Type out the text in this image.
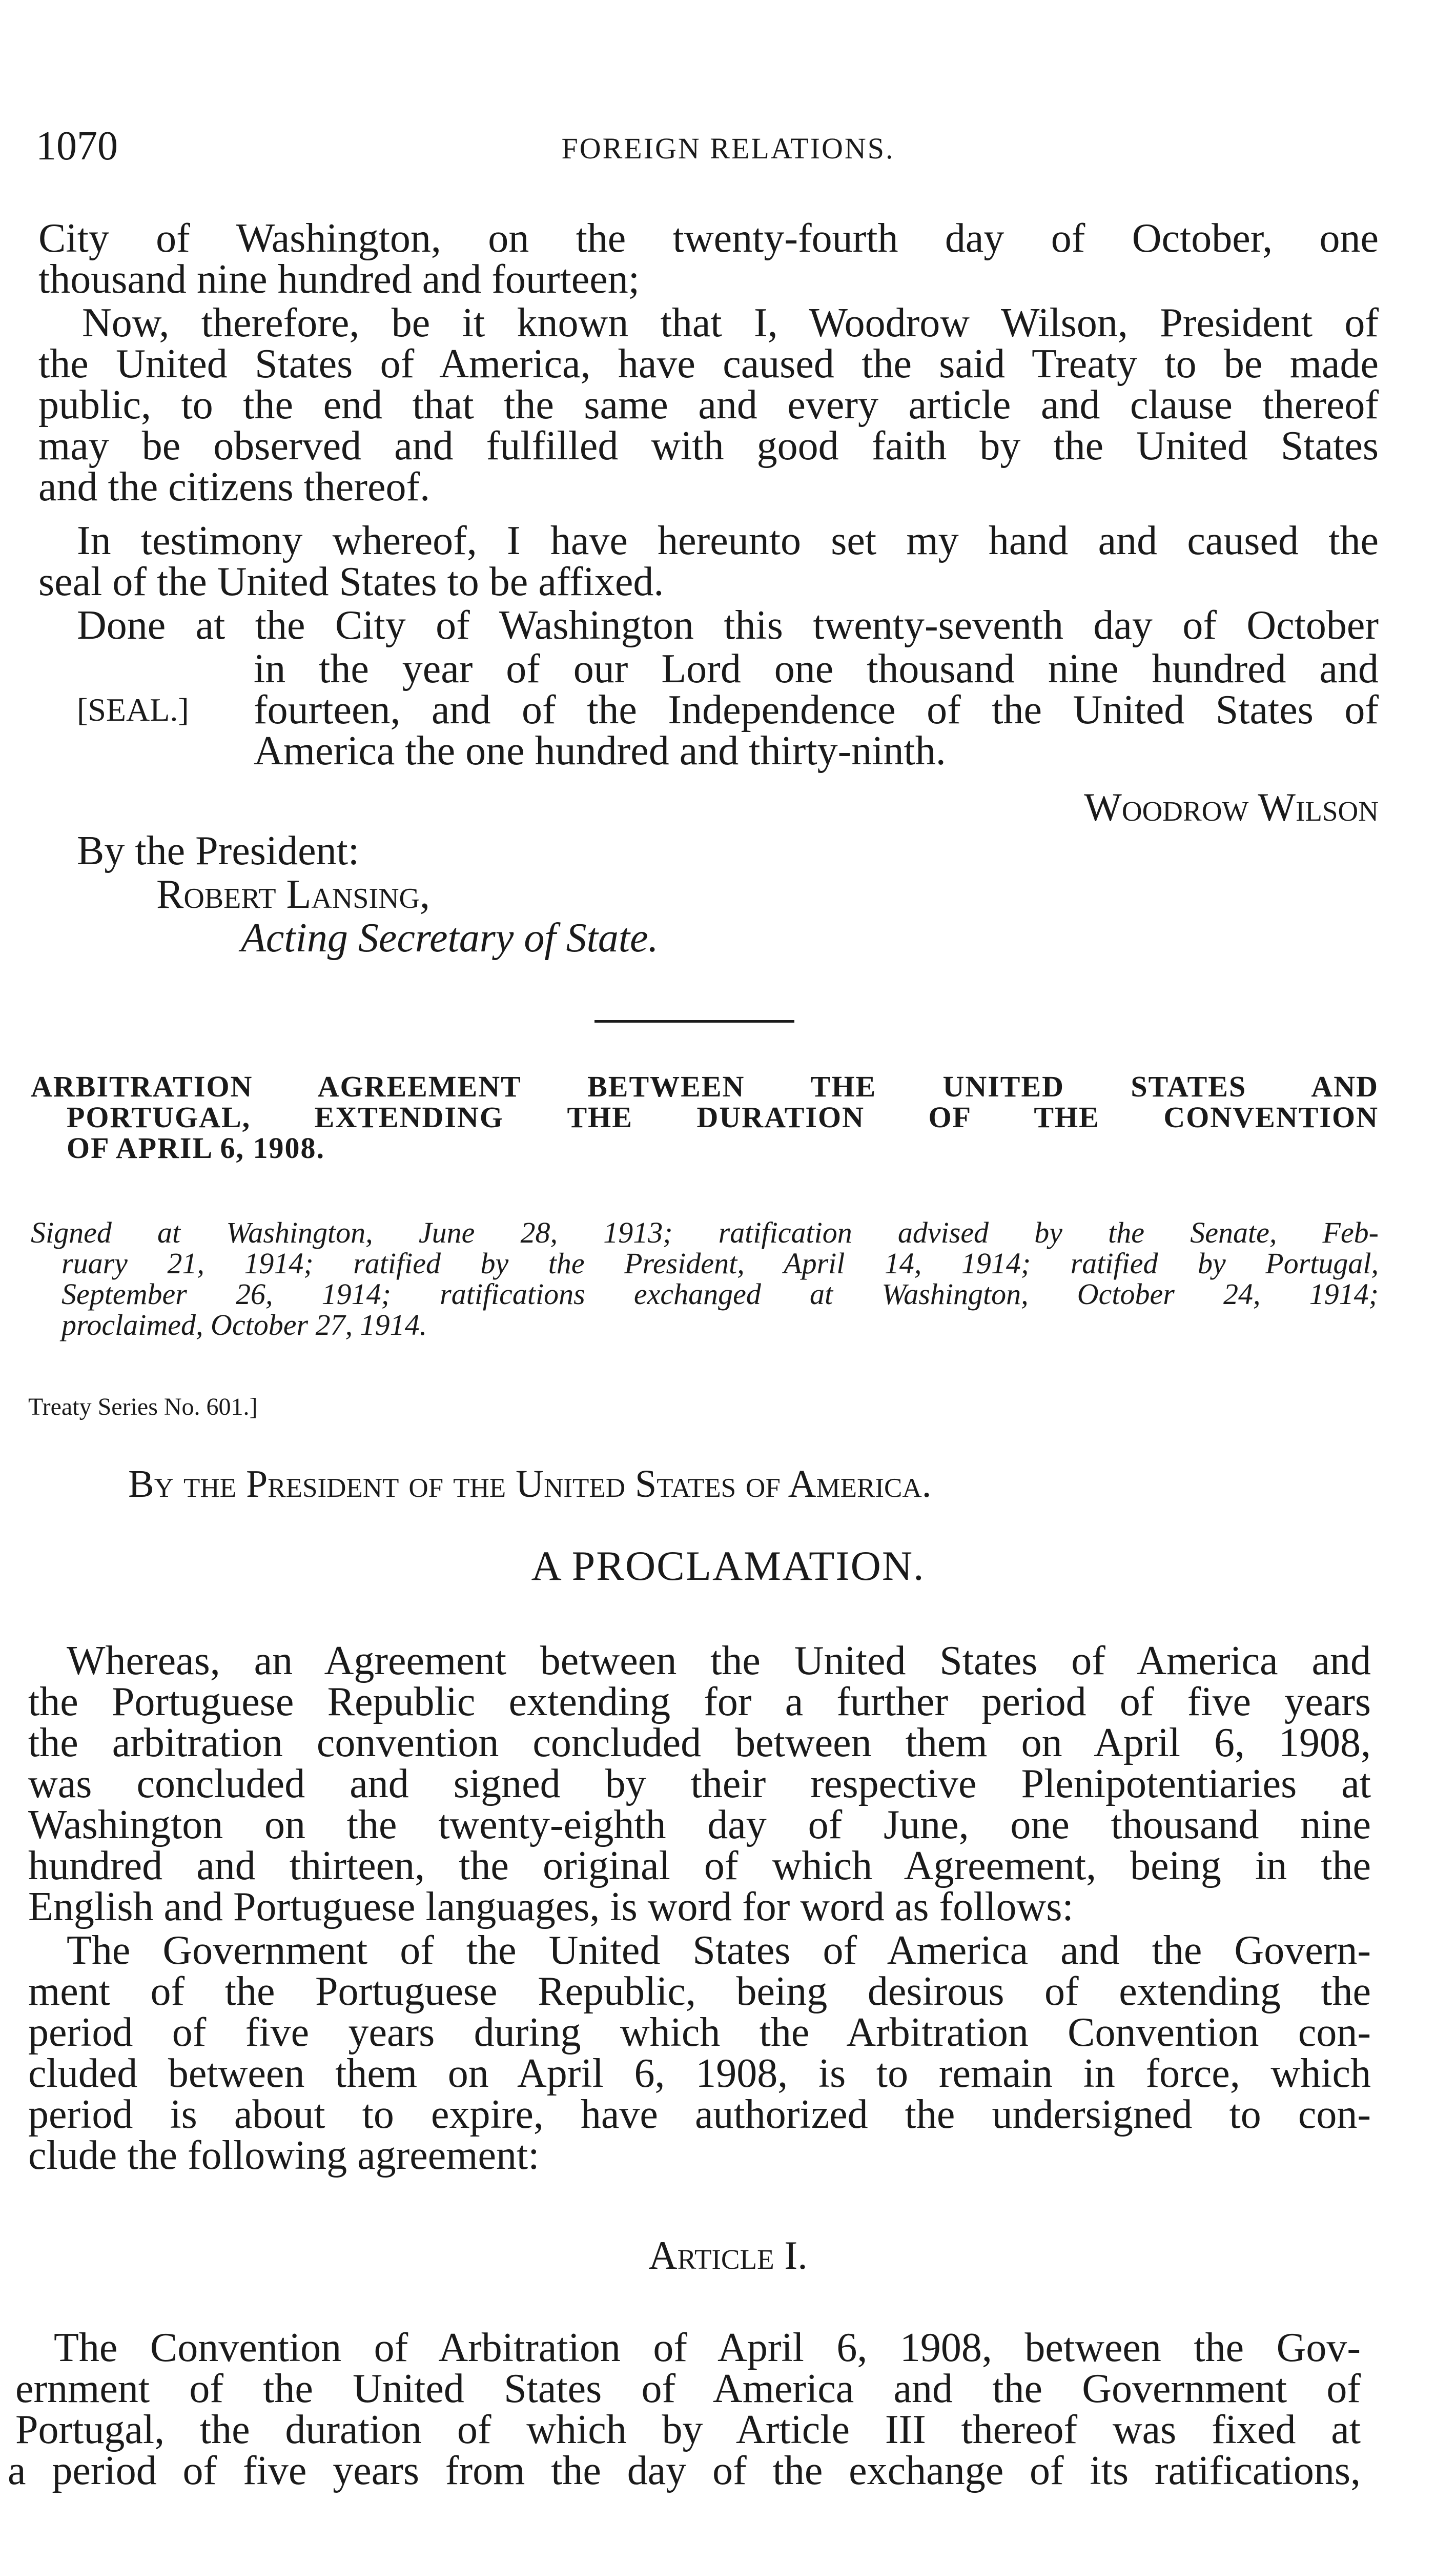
1070	FOREIGN RELATIONS.
City of Washington, on the twenty-fourth day of October, one
thousand nine hundred and fourteen;
Now, therefore, be it known that I, Woodrow Wilson, President of
the United States of America, have caused the said Treaty to be made
public, to the end that the same and every article and clause thereof
may be observed and fulfilled with good faith by the United States
and the citizens thereof.
In testimony whereof, I have hereunto set my hand and caused the
seal of the United States to be affixed.
Done at the City of Washington this twenty-seventh day of October
in the year of our Lord one thousand nine hundred and
[SEAL.]	fourteen, and of the Independence of the United States of
America the one hundred and thirty-ninth.
Woodrow Wilson
By the President:
Robert Lansing,
Acting Secretary of State.
ARBITRATION AGREEMENT BETWEEN THE UNITED STATES AND
PORTUGAL, EXTENDING THE DURATION OF THE CONVENTION
OF APRIL 6, 1908.
Signed at Washington, June 28, 1913; ratification advised by the Senate, Feb-
ruary 21, 1914; ratified by the President, April 14, 1914; ratified by Portugal,
September 26, 1914; ratifications exchanged at Washington, October 24, 1914;
proclaimed, October 27, 1914.
Treaty Series No. 601.]
By the President of the United States of America.
A PROCLAMATION.
Whereas, an Agreement between the United States of America and
the Portuguese Republic extending for a further period of five years
the arbitration convention concluded between them on April 6, 1908,
was concluded and signed by their respective Plenipotentiaries at
Washington on the twenty-eighth day of June, one thousand nine
hundred and thirteen, the original of which Agreement, being in the
English and Portuguese languages, is word for word as follows:
The Government of the United States of America and the Govern-
ment of the Portuguese Republic, being desirous of extending the
period of five years during which the Arbitration Convention con-
cluded between them on April 6, 1908, is to remain in force, which
period is about to expire, have authorized the undersigned to con-
clude the following agreement:
Article I.
The Convention of Arbitration of April 6, 1908, between the Gov-
ernment of the United States of America and the Government of
Portugal, the duration of which by Article III thereof was fixed at
a period of five years from the day of the exchange of its ratifications,
